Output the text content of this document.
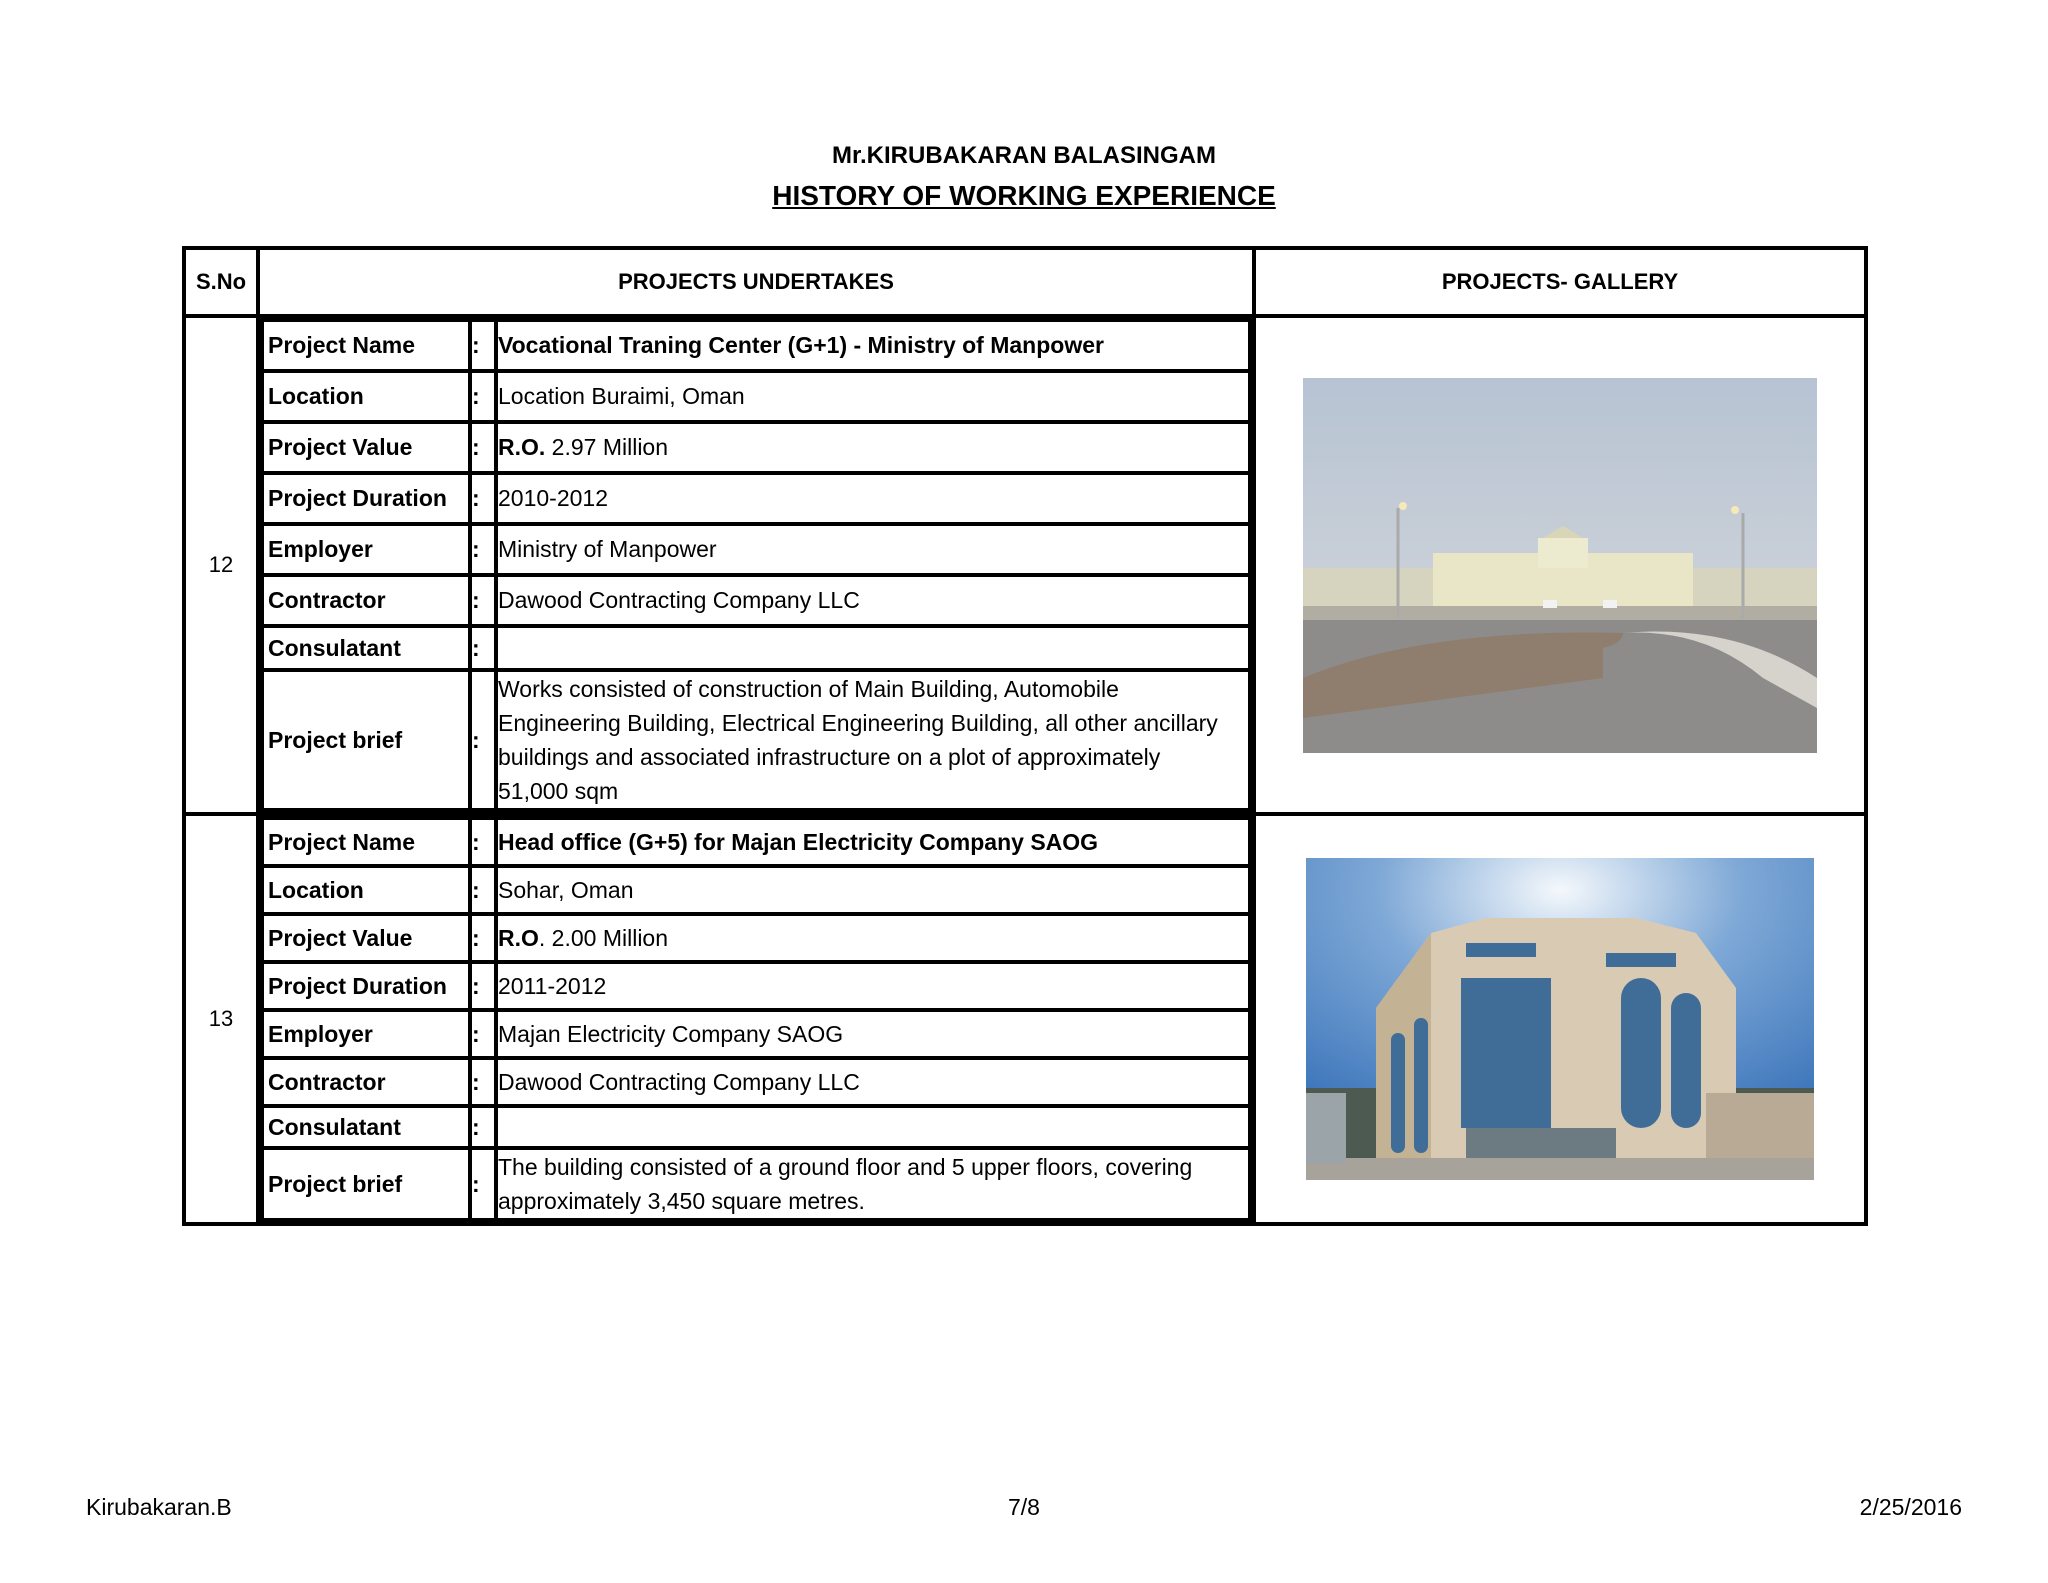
Mr.KIRUBAKARAN BALASINGAM
HISTORY OF WORKING EXPERIENCE
S.No	PROJECTS UNDERTAKES	PROJECTS- GALLERY
12	
Project Name	:	Vocational Traning Center (G+1) - Ministry of Manpower
Location	:	Location Buraimi, Oman
Project Value	:	R.O. 2.97 Million
Project Duration	:	2010-2012
Employer	:	Ministry of Manpower
Contractor	:	Dawood Contracting Company LLC
Consulatant	:	
Project brief	:	Works consisted of construction of Main Building, Automobile Engineering Building, Electrical Engineering Building, all other ancillary buildings and associated infrastructure on a plot of approximately 51,000 sqm

13	
Project Name	:	Head office (G+5) for Majan Electricity Company SAOG
Location	:	Sohar, Oman
Project Value	:	R.O. 2.00 Million
Project Duration	:	2011-2012
Employer	:	Majan Electricity Company SAOG
Contractor	:	Dawood Contracting Company LLC
Consulatant	:	
Project brief	:	The building consisted of a ground floor and 5 upper floors, covering approximately 3,450 square metres.

Kirubakaran.B	7/8	2/25/2016
